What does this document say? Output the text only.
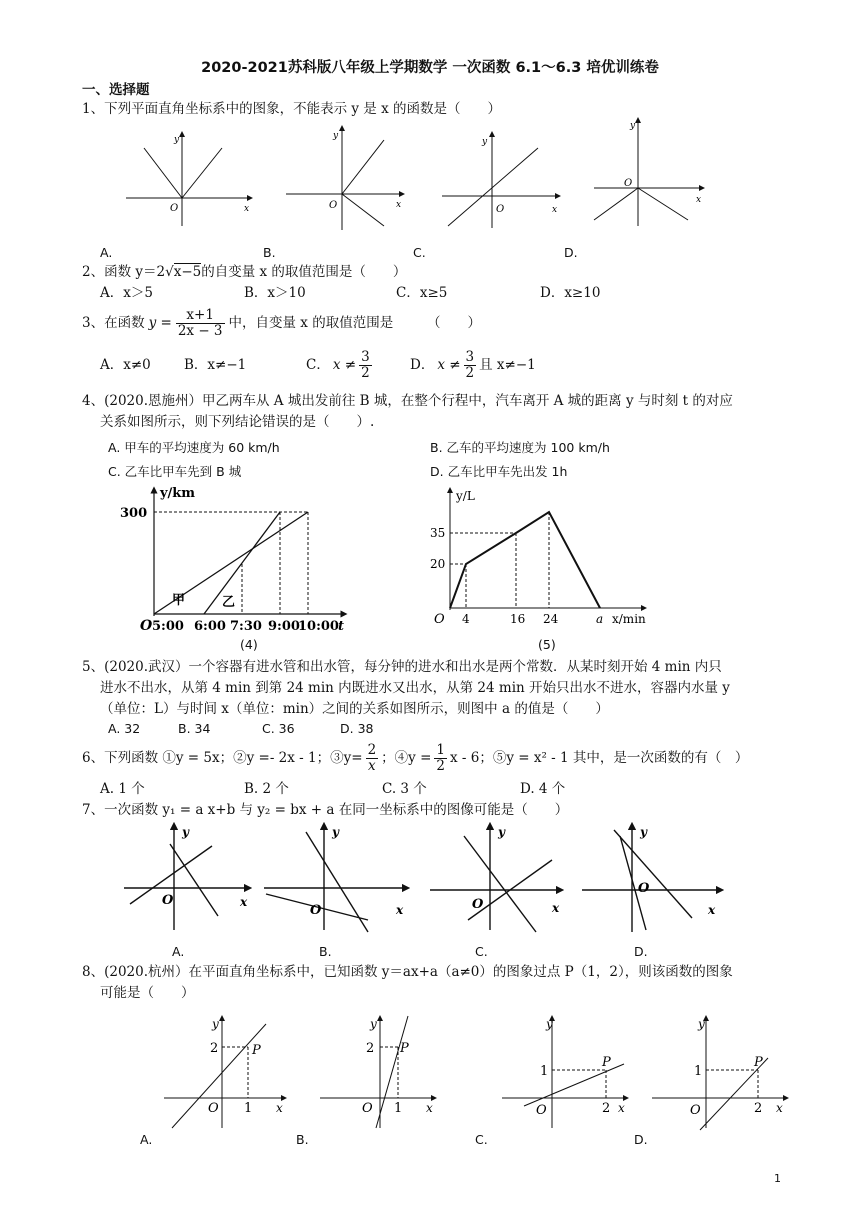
2020-2021苏科版八年级上学期数学 一次函数 6.1～6.3 培优训练卷
一、选择题
1、下列平面直角坐标系中的图象，不能表示 y 是 x 的函数是（　　）
O	x
y
O	x
y
O	x
y
O
x
y
A.	B.	C.	D.
2、函数 y＝2√x−5的自变量 x 的取值范围是（　　）
A．x＞5	B．x＞10	C．x≥5	D．x≥10
3、在函数 $y = \frac{x+1}{2x - 3}$ 中，自变量 x 的取值范围是　　　（　　）
A．x≠0 B．x≠−1	C． $x \ne \frac{3}{2}$	D． $x \ne \frac{3}{2}$ 且 x≠−1
4、(2020.恩施州）甲乙两车从 A 城出发前往 B 城，在整个行程中，汽车离开 A 城的距离 y 与时刻 t 的对应
关系如图所示，则下列结论错误的是（　　）.
A. 甲车的平均速度为 60 km/h	B. 乙车的平均速度为 100 km/h
C. 乙车比甲车先到 B 城	D. 乙车比甲车先出发 1h
y/km
300
O 5:00 6:00 7:30 9:00
10:00 t
甲	乙
(4)
y/L
35
20
O 4	16 24	a x/min
(5)
5、(2020.武汉）一个容器有进水管和出水管，每分钟的进水和出水是两个常数．从某时刻开始 4 min 内只
进水不出水，从第 4 min 到第 24 min 内既进水又出水，从第 24 min 开始只出水不进水，容器内水量 y
（单位：L）与时间 x（单位：min）之间的关系如图所示，则图中 a 的值是（　　）
A. 32	B. 34	C. 36	D. 38
6、下列函数 ①y = 5x；②y =- 2x - 1；③y= $\frac{2}{x}$ ；④y = $\frac{1}{2}$ x - 6；⑤y = x² - 1 其中，是一次函数的有（　）
A. 1 个	B. 2 个	C. 3 个	D. 4 个
7、一次函数 y₁ = a x+b 与 y₂ = bx + a 在同一坐标系中的图像可能是（　　）
O	x
y
O	x
y
O	x
y
O
x
y
A.	B.	C.	D.
8、(2020.杭州）在平面直角坐标系中，已知函数 y＝ax+a（a≠0）的图象过点 P（1，2），则该函数的图象
可能是（　　）
y
2	P
O 1 x
y
2 P
O 1 x
y
1
P
O	2 x
y
1
P
O	2 x
A.	B.	C.	D.
1
